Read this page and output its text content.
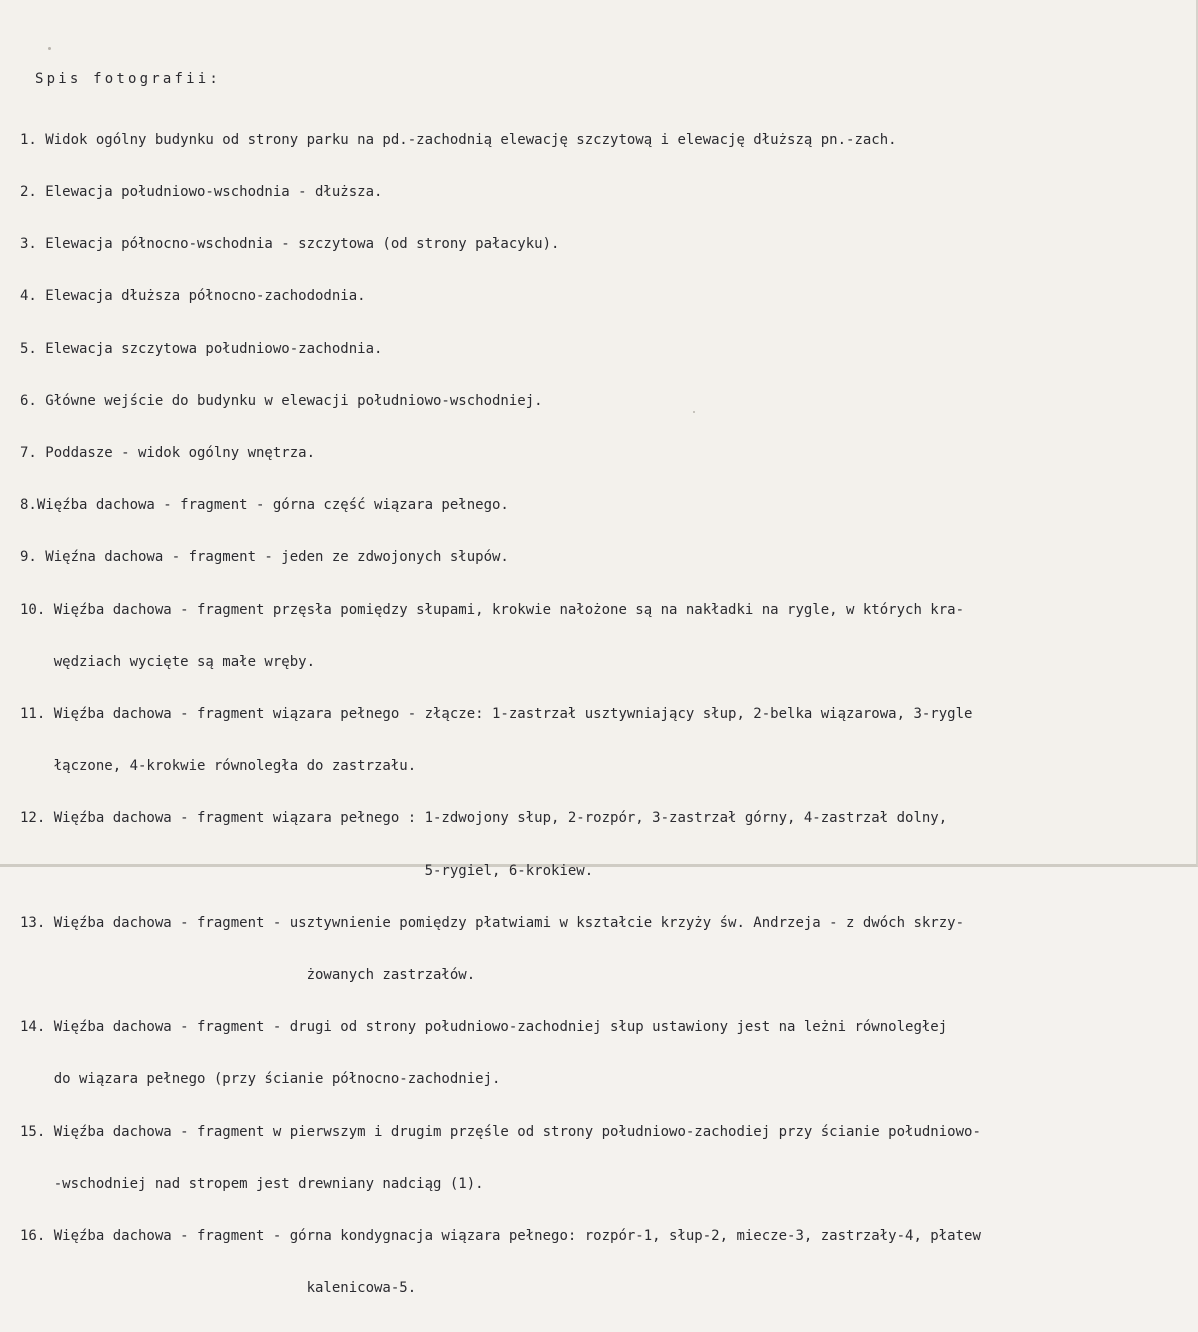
Spis fotografii:

1. Widok ogólny budynku od strony parku na pd.-zachodnią elewację szczytową i elewację dłuższą pn.-zach.

2. Elewacja południowo-wschodnia - dłuższa.

3. Elewacja północno-wschodnia - szczytowa (od strony pałacyku).

4. Elewacja dłuższa północno-zachododnia.

5. Elewacja szczytowa południowo-zachodnia.

6. Główne wejście do budynku w elewacji południowo-wschodniej.

7. Poddasze - widok ogólny wnętrza.

8.Więźba dachowa - fragment - górna część wiązara pełnego.

9. Więźna dachowa - fragment - jeden ze zdwojonych słupów.

10. Więźba dachowa - fragment przęsła pomiędzy słupami, krokwie nałożone są na nakładki na rygle, w których kra-

wędziach wycięte są małe wręby.

11. Więźba dachowa - fragment wiązara pełnego - złącze: 1-zastrzał usztywniający słup, 2-belka wiązarowa, 3-rygle

łączone, 4-krokwie równoległa do zastrzału.

12. Więźba dachowa - fragment wiązara pełnego : 1-zdwojony słup, 2-rozpór, 3-zastrzał górny, 4-zastrzał dolny,

5-rygiel, 6-krokiew.

13. Więźba dachowa - fragment - usztywnienie pomiędzy płatwiami w kształcie krzyży św. Andrzeja - z dwóch skrzy-

żowanych zastrzałów.

14. Więźba dachowa - fragment - drugi od strony południowo-zachodniej słup ustawiony jest na leżni równoległej

do wiązara pełnego (przy ścianie północno-zachodniej.

15. Więźba dachowa - fragment w pierwszym i drugim przęśle od strony południowo-zachodiej przy ścianie południowo-

-wschodniej nad stropem jest drewniany nadciąg (1).

16. Więźba dachowa - fragment - górna kondygnacja wiązara pełnego: rozpór-1, słup-2, miecze-3, zastrzały-4, płatew

kalenicowa-5.
